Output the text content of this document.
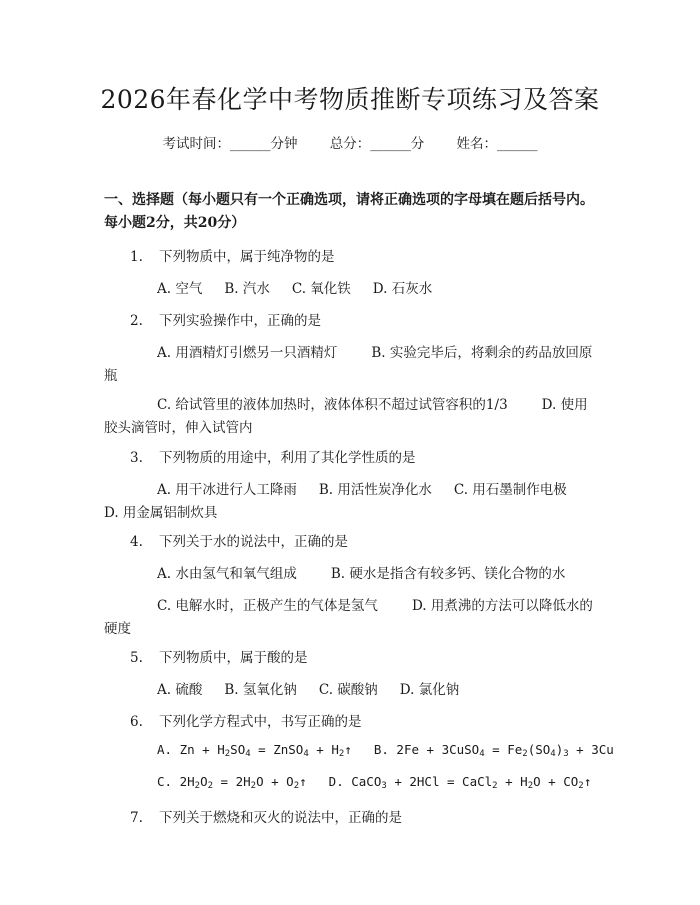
2026年春化学中考物质推断专项练习及答案
考试时间：______分钟 总分：______分 姓名：______
一、选择题（每小题只有一个正确选项，请将正确选项的字母填在题后括号内。
每小题2分，共20分）
1. 下列物质中，属于纯净物的是
A. 空气 B. 汽水 C. 氧化铁 D. 石灰水
2. 下列实验操作中，正确的是
A. 用酒精灯引燃另一只酒精灯	B. 实验完毕后，将剩余的药品放回原
瓶
C. 给试管里的液体加热时，液体体积不超过试管容积的1/3	D. 使用
胶头滴管时，伸入试管内
3. 下列物质的用途中，利用了其化学性质的是
A. 用干冰进行人工降雨 B. 用活性炭净化水 C. 用石墨制作电极
D. 用金属铝制炊具
4. 下列关于水的说法中，正确的是
A. 水由氢气和氧气组成	B. 硬水是指含有较多钙、镁化合物的水
C. 电解水时，正极产生的气体是氢气	D. 用煮沸的方法可以降低水的
硬度
5. 下列物质中，属于酸的是
A. 硫酸 B. 氢氧化钠 C. 碳酸钠 D. 氯化钠
6. 下列化学方程式中，书写正确的是
A. $Zn + H_2SO_4$ = ZnSO$_4$ + $H_2↑$ B. 2Fe + 3CuSO$_4$ = $Fe_2(SO_4)_3 + 3Cu$
C. $2H_2O_2 = 2H_2O$ + $O_2↑$ D. CaCO$_3$ + 2HCl = CaCl$_2$ + $H_2O$ + $CO_2↑$
7. 下列关于燃烧和灭火的说法中，正确的是
